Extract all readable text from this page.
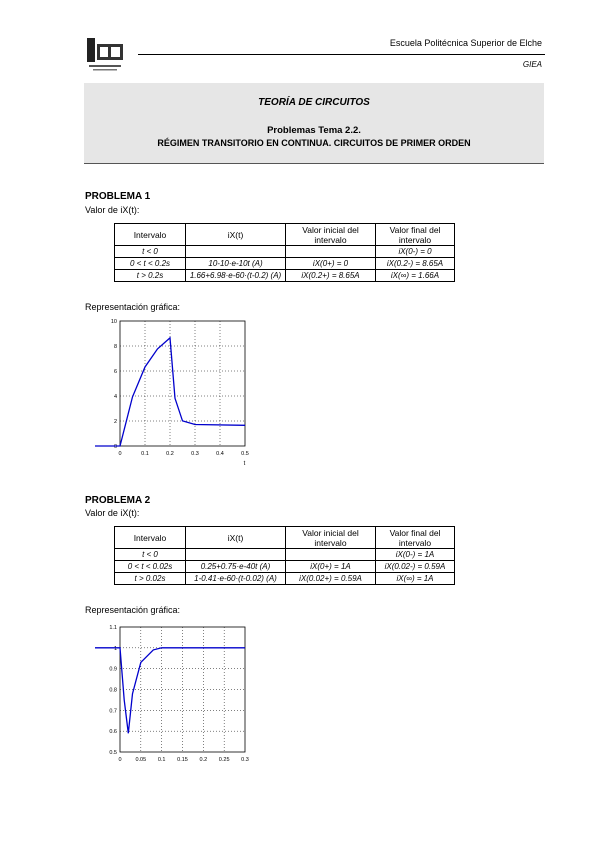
Escuela Politécnica Superior de Elche
GIEA
TEORÍA DE CIRCUITOS
Problemas Tema 2.2.
RÉGIMEN TRANSITORIO EN CONTINUA. CIRCUITOS DE PRIMER ORDEN
PROBLEMA 1
Valor de iX(t):
Intervalo	iX(t)	Valor inicial del intervalo	Valor final del intervalo
t < 0			iX(0-) = 0
0 < t < 0.2s	10-10·e-10t (A)	iX(0+) = 0	iX(0.2-) = 8.65A
t > 0.2s	1.66+6.98·e-60·(t-0.2) (A)	iX(0.2+) = 8.65A	iX(∞) = 1.66A
Representación gráfica:
0	0.1	0.2	0.3	0.4	0.5
0
2
4
6
8
10
t
PROBLEMA 2
Valor de iX(t):
Intervalo	iX(t)	Valor inicial del intervalo	Valor final del intervalo
t < 0			iX(0-) = 1A
0 < t < 0.02s	0.25+0.75·e-40t (A)	iX(0+) = 1A	iX(0.02-) = 0.59A
t > 0.02s	1-0.41·e-60·(t-0.02) (A)	iX(0.02+) = 0.59A	iX(∞) = 1A
Representación gráfica:
0	0.05 0.1 0.15 0.2 0.25 0.3
0.5
0.6
0.7
0.8
0.9
1
1.1
